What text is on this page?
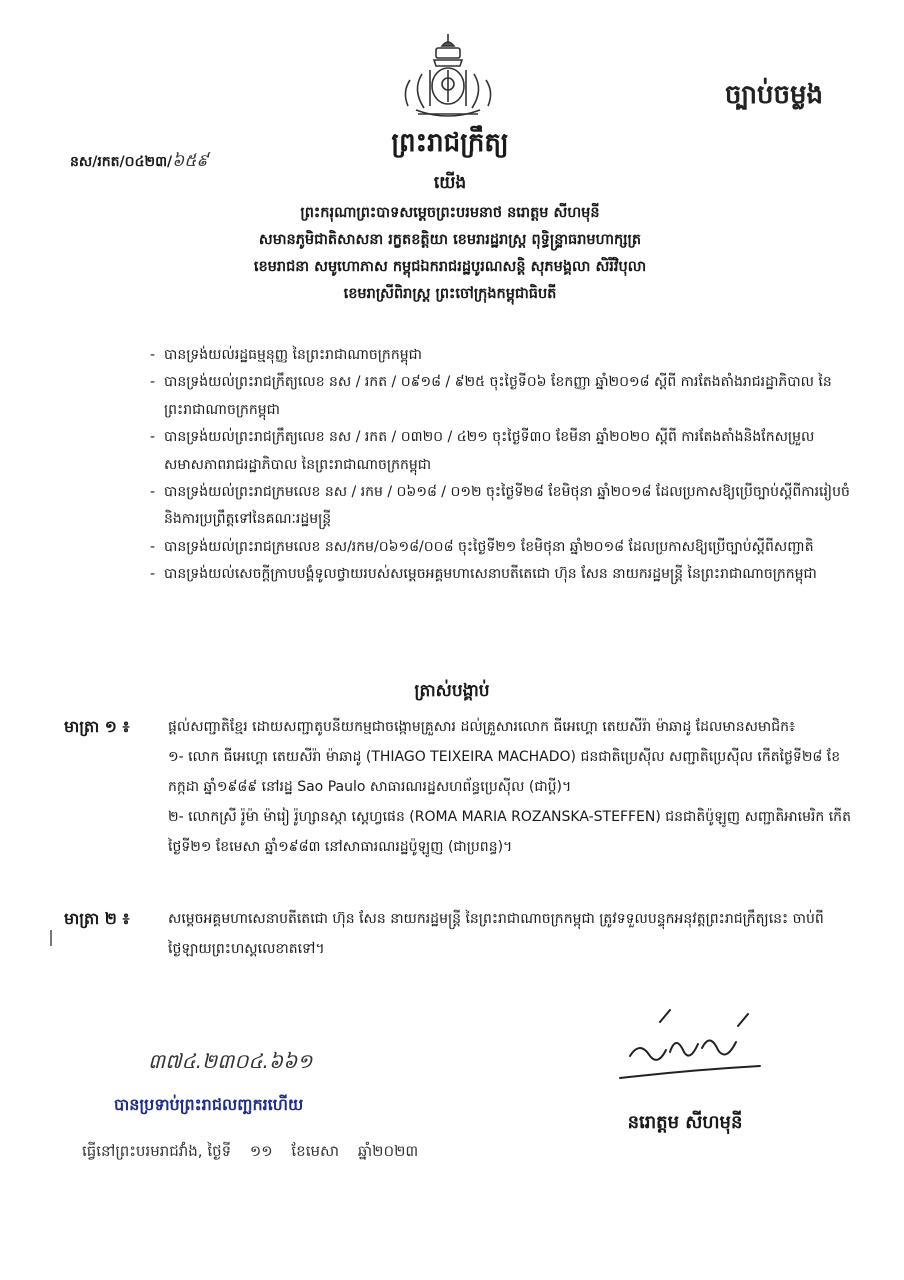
ច្បាប់ចម្លង
ព្រះរាជក្រឹត្យ
នស/រកត/០៤២៣/៦៥៩
យើង
ព្រះករុណាព្រះបាទសម្តេចព្រះបរមនាថ នរោត្តម សីហមុនី
សមានភូមិជាតិសាសនា រក្ខតខត្តិយា ខេមរារដ្ឋរាស្ត្រ ពុទ្ធិន្ទ្រាធរាមហាក្សត្រ
ខេមរាជនា សមូហោភាស កម្ពុជឯករាជរដ្ឋបូរណសន្តិ សុភមង្គលា សិរីវិបុលា
ខេមរាស្រីពិរាស្ត្រ ព្រះចៅក្រុងកម្ពុជាធិបតី
- បានទ្រង់យល់រដ្ឋធម្មនុញ្ញ នៃព្រះរាជាណាចក្រកម្ពុជា
- បានទ្រង់យល់ព្រះរាជក្រឹត្យលេខ នស / រកត / ០៩១៨ / ៩២៥ ចុះថ្ងៃទី០៦ ខែកញ្ញា ឆ្នាំ២០១៨ ស្តីពី ការតែងតាំងរាជរដ្ឋាភិបាល នៃព្រះរាជាណាចក្រកម្ពុជា
- បានទ្រង់យល់ព្រះរាជក្រឹត្យលេខ នស / រកត / ០៣២០ / ៤២១ ចុះថ្ងៃទី៣០ ខែមីនា ឆ្នាំ២០២០ ស្តីពី ការតែងតាំងនិងកែសម្រួលសមាសភាពរាជរដ្ឋាភិបាល នៃព្រះរាជាណាចក្រកម្ពុជា
- បានទ្រង់យល់ព្រះរាជក្រមលេខ នស / រកម / ០៦១៨ / ០១២ ចុះថ្ងៃទី២៨ ខែមិថុនា ឆ្នាំ២០១៨ ដែលប្រកាសឱ្យប្រើច្បាប់ស្តីពីការរៀបចំ និងការប្រព្រឹត្តទៅនៃគណៈរដ្ឋមន្ត្រី
- បានទ្រង់យល់ព្រះរាជក្រមលេខ នស/រកម/០៦១៨/០០៨ ចុះថ្ងៃទី២១ ខែមិថុនា ឆ្នាំ២០១៨ ដែលប្រកាសឱ្យប្រើច្បាប់ស្តីពីសញ្ជាតិ
- បានទ្រង់យល់សេចក្តីក្រាបបង្គំទូលថ្វាយរបស់សម្តេចអគ្គមហាសេនាបតីតេជោ ហ៊ុន សែន នាយករដ្ឋមន្ត្រី នៃព្រះរាជាណាចក្រកម្ពុជា
ត្រាស់បង្គាប់
មាត្រា ១ ៖	ផ្តល់សញ្ជាតិខ្មែរ ដោយសញ្ជាតូបនីយកម្មជាចង្កោមគ្រួសារ ដល់គ្រួសារលោក ធីអេហ្គោ តេយសីរ៉ា ម៉ាឆាដូ ដែលមានសមាជិក៖
១- លោក ធីអេហ្គោ តេយសីរ៉ា ម៉ាឆាដូ (THIAGO TEIXEIRA MACHADO) ជនជាតិប្រេស៊ីល សញ្ជាតិប្រេស៊ីល កើតថ្ងៃទី២៨ ខែកក្កដា ឆ្នាំ១៩៨៩ នៅរដ្ឋ Sao Paulo សាធារណរដ្ឋសហព័ន្ធប្រេស៊ីល (ជាប្តី)។
២- លោកស្រី រ៉ូម៉ា ម៉ារៀ រ៉ូហ្សានស្កា ស្តេហ្វផេន (ROMA MARIA ROZANSKA-STEFFEN) ជនជាតិប៉ូឡូញ សញ្ជាតិអាមេរិក កើតថ្ងៃទី២១ ខែមេសា ឆ្នាំ១៩៨៣ នៅសាធារណរដ្ឋប៉ូឡូញ (ជាប្រពន្ធ)។
មាត្រា ២ ៖	សម្តេចអគ្គមហាសេនាបតីតេជោ ហ៊ុន សែន នាយករដ្ឋមន្ត្រី នៃព្រះរាជាណាចក្រកម្ពុជា ត្រូវទទួលបន្ទុកអនុវត្តព្រះរាជក្រឹត្យនេះ ចាប់ពីថ្ងៃឡាយព្រះហស្តលេខាតទៅ។
៣៧៤.២៣០៤.៦៦១
នរោត្តម សីហមុនី
បានប្រទាប់ព្រះរាជលញ្ឆករហើយ
ធ្វើនៅព្រះបរមរាជវាំង, ថ្ងៃទី ១១ ខែមេសា ឆ្នាំ២០២៣
